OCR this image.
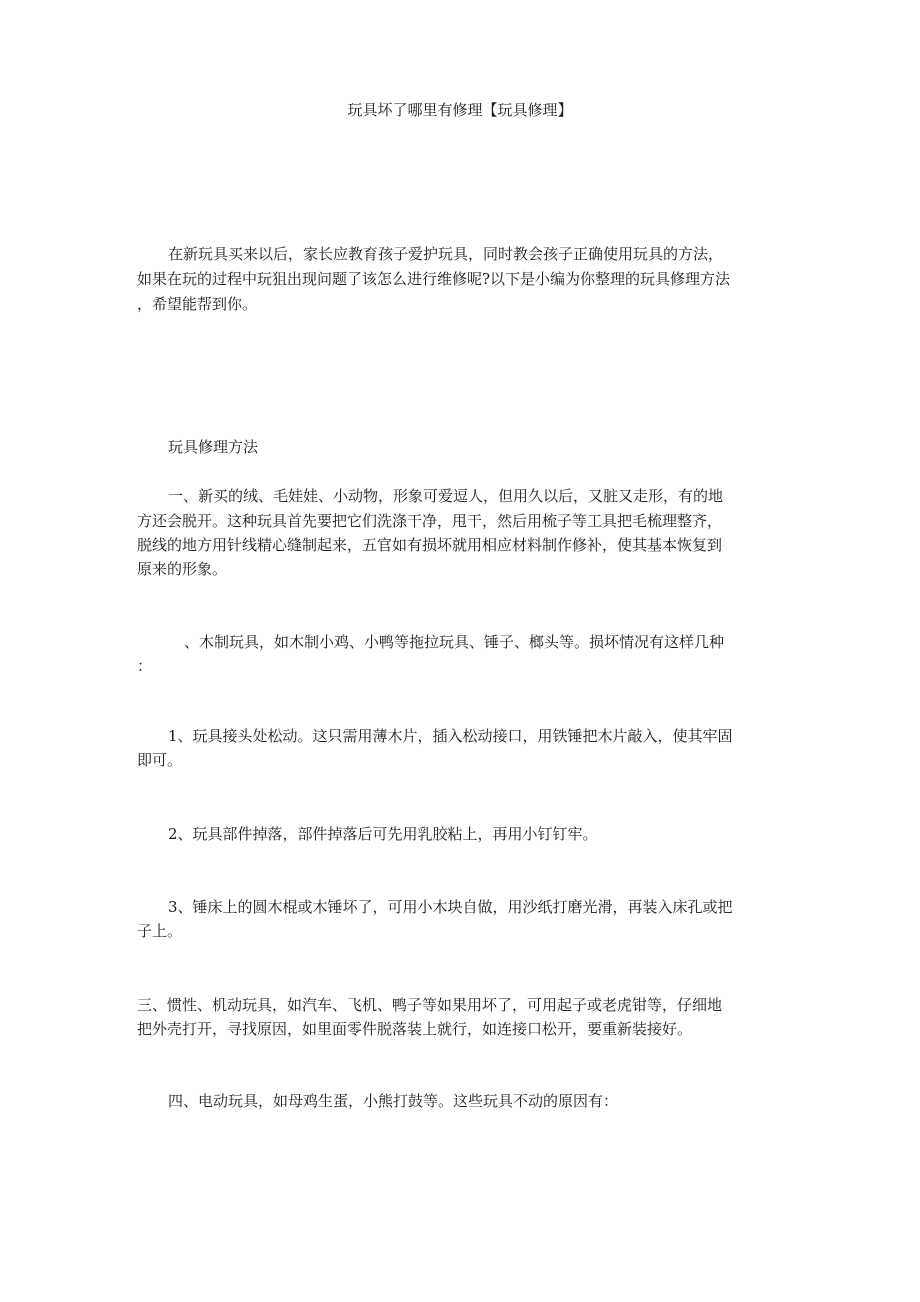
玩具坏了哪里有修理【玩具修理】

在新玩具买来以后，家长应教育孩子爱护玩具，同时教会孩子正确使用玩具的方法，

如果在玩的过程中玩狙出现问题了该怎么进行维修呢?以下是小编为你整理的玩具修理方法

，希望能帮到你。

玩具修理方法

一、新买的绒、毛娃娃、小动物，形象可爱逗人，但用久以后，又脏又走形，有的地

方还会脱开。这种玩具首先要把它们洗涤干净，甩干，然后用梳子等工具把毛梳理整齐，

脱线的地方用针线精心缝制起来，五官如有损坏就用相应材料制作修补，使其基本恢复到

原来的形象。

、木制玩具，如木制小鸡、小鸭等拖拉玩具、锤子、榔头等。损坏情况有这样几种

：

1、玩具接头处松动。这只需用薄木片，插入松动接口，用铁锤把木片敲入，使其牢固

即可。

2、玩具部件掉落，部件掉落后可先用乳胶粘上，再用小钉钉牢。

3、锤床上的圆木棍或木锤坏了，可用小木块自做，用沙纸打磨光滑，再装入床孔或把

子上。

三、惯性、机动玩具，如汽车、飞机、鸭子等如果用坏了，可用起子或老虎钳等，仔细地

把外壳打开，寻找原因，如里面零件脱落装上就行，如连接口松开，要重新装接好。

四、电动玩具，如母鸡生蛋，小熊打鼓等。这些玩具不动的原因有：
